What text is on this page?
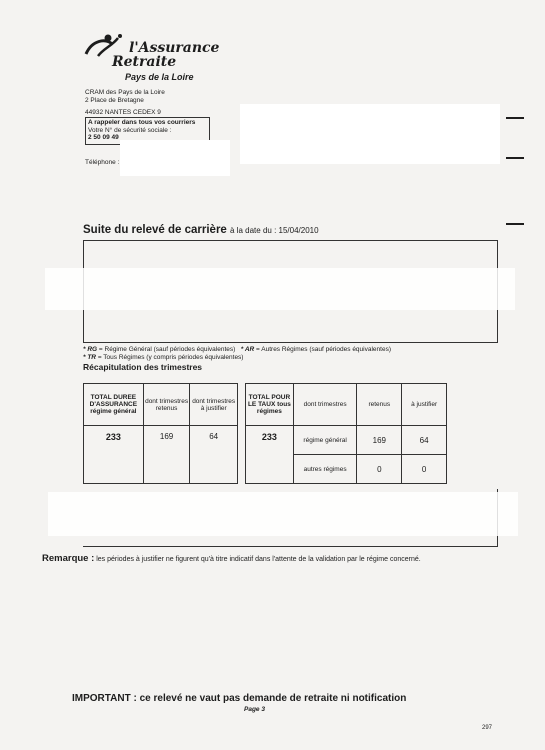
l'Assurance
Retraite
Pays de la Loire
CRAM des Pays de la Loire
2 Place de Bretagne
44932 NANTES CEDEX 9
A rappeler dans tous vos courriers
Votre N° de sécurité sociale :
2 50 09 49
Téléphone :
Suite du relevé de carrière à la date du : 15/04/2010
* RG = Régime Général (sauf périodes équivalentes) * AR = Autres Régimes (sauf périodes équivalentes)
* TR = Tous Régimes (y compris périodes équivalentes)
Récapitulation des trimestres
TOTAL DUREE D'ASSURANCE régime général	dont trimestres retenus	dont trimestres à justifier
233	169	64
TOTAL POUR LE TAUX tous régimes	dont trimestres	retenus	à justifier
233	régime général	169	64
	autres régimes	0	0
Remarque : les périodes à justifier ne figurent qu'à titre indicatif dans l'attente de la validation par le régime concerné.
IMPORTANT : ce relevé ne vaut pas demande de retraite ni notification
Page 3
297
